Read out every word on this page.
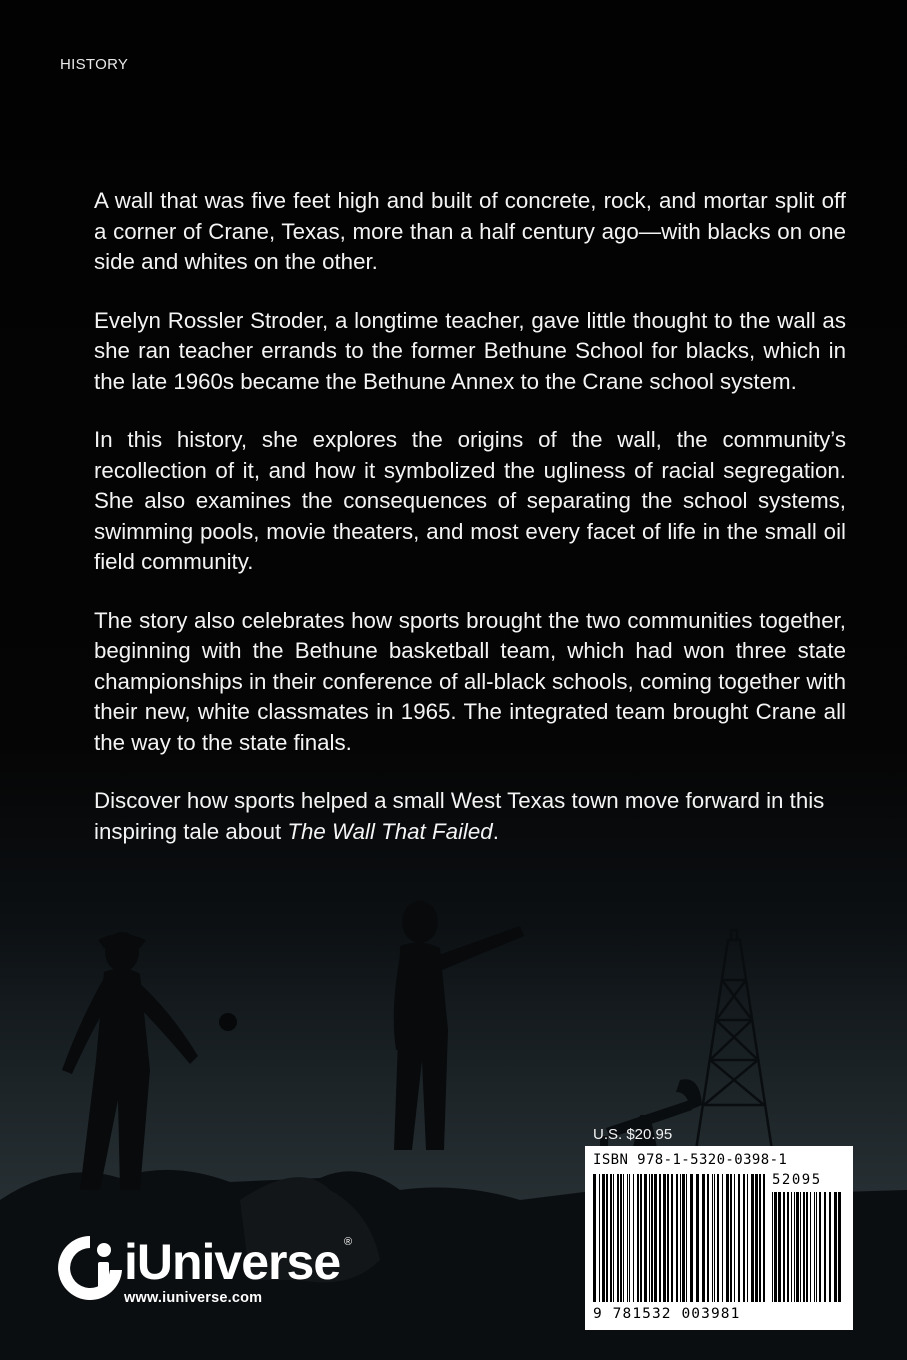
HISTORY

A wall that was five feet high and built of concrete, rock, and mortar split off a corner of Crane, Texas, more than a half century ago—with blacks on one side and whites on the other.

Evelyn Rossler Stroder, a longtime teacher, gave little thought to the wall as she ran teacher errands to the former Bethune School for blacks, which in the late 1960s became the Bethune Annex to the Crane school system.

In this history, she explores the origins of the wall, the community’s recollection of it, and how it symbolized the ugliness of racial segregation. She also examines the consequences of separating the school systems, swimming pools, movie theaters, and most every facet of life in the small oil field community.

The story also celebrates how sports brought the two communities together, beginning with the Bethune basketball team, which had won three state championships in their conference of all-black schools, coming together with their new, white classmates in 1965. The integrated team brought Crane all the way to the state finals.

Discover how sports helped a small West Texas town move forward in this inspiring tale about The Wall That Failed.

iUniverse ®
www.iuniverse.com
U.S. $20.95
ISBN 978-1-5320-0398-1
52095
9 781532 003981
